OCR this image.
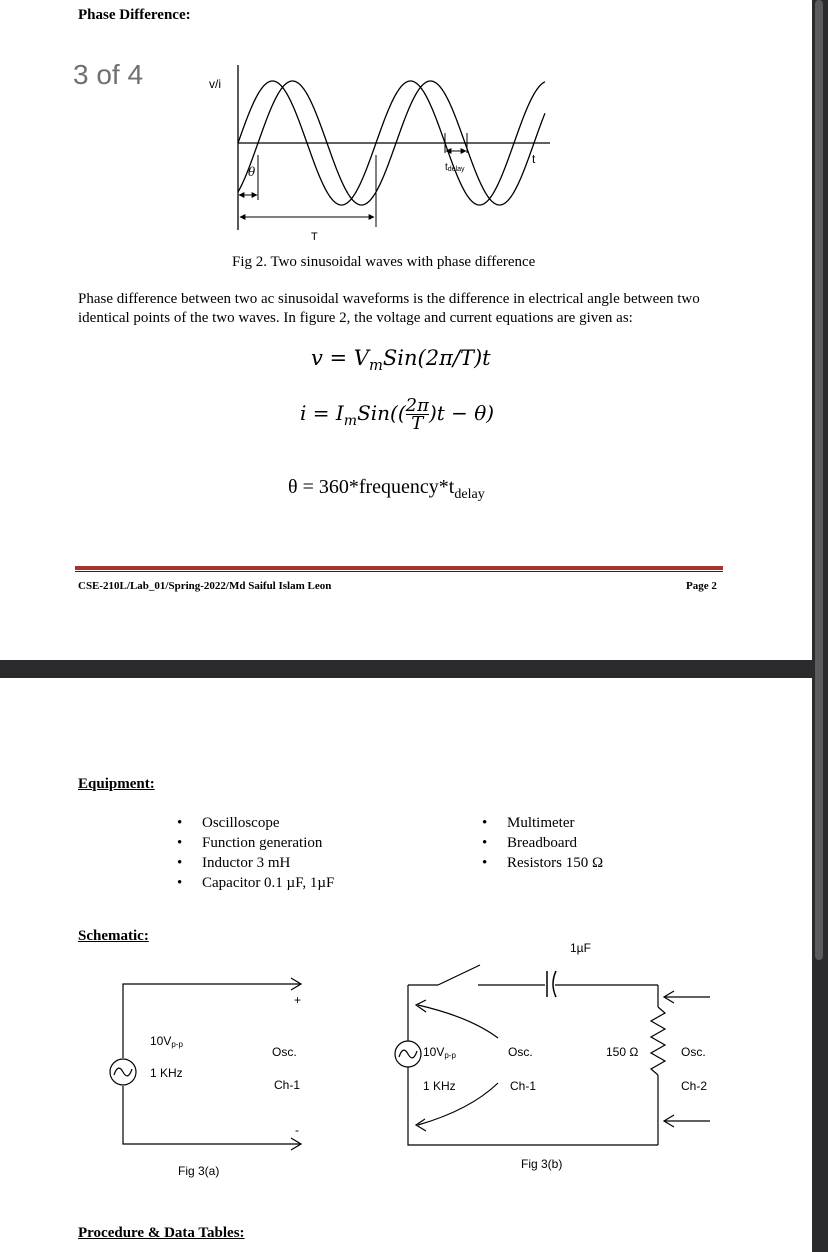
Phase Difference:
3 of 4	v/i
t
θ
T
tdelay
Fig 2. Two sinusoidal waves with phase difference
Phase difference between two ac sinusoidal waveforms is the difference in electrical angle between two identical points of the two waves. In figure 2, the voltage and current equations are given as:
$v = V_mSin(2\pi/T)t$
$i = I_mSin(( \frac{2\pi}{T} )t - \theta)$
$\theta = 360*frequency*t_{delay}$
CSE-210L/Lab_01/Spring-2022/Md Saiful Islam Leon	Page 2
Equipment:
• Oscilloscope
• Function generation
• Inductor 3 mH
• Capacitor 0.1 µF, 1µF
• Multimeter
• Breadboard
• Resistors 150 Ω
Schematic:
+
-
10Vp-p
1 KHz
Osc.
Ch-1
Fig 3(a)
1µF
10Vp-p
1 KHz
Osc.
Ch-1
150 Ω	Osc.
Ch-2
Fig 3(b)
Procedure & Data Tables:
